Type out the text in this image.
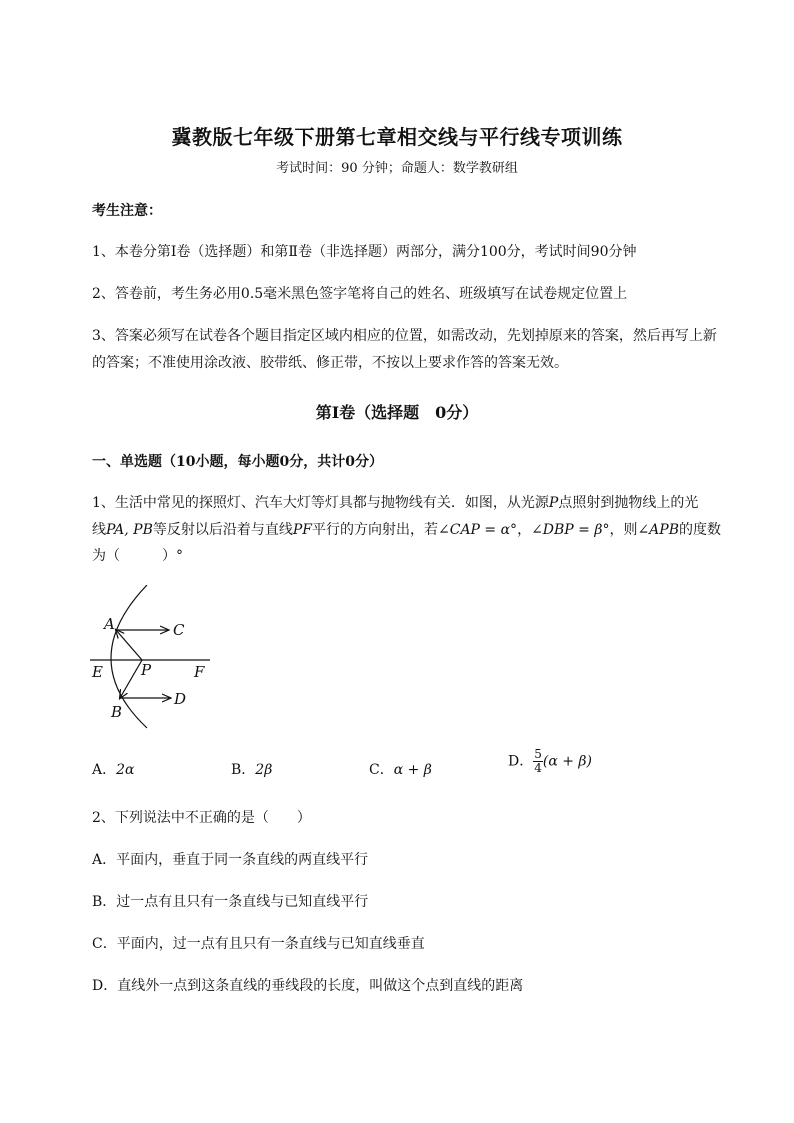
冀教版七年级下册第七章相交线与平行线专项训练
考试时间：90 分钟；命题人：数学教研组
考生注意：
1、本卷分第I卷（选择题）和第Ⅱ卷（非选择题）两部分，满分100分，考试时间90分钟
2、答卷前，考生务必用0.5毫米黑色签字笔将自己的姓名、班级填写在试卷规定位置上
3、答案必须写在试卷各个题目指定区域内相应的位置，如需改动，先划掉原来的答案，然后再写上新
的答案；不准使用涂改液、胶带纸、修正带，不按以上要求作答的答案无效。
第I卷（选择题　0分）
一、单选题（10小题，每小题0分，共计0分）
1、生活中常见的探照灯、汽车大灯等灯具都与抛物线有关．如图，从光源P点照射到抛物线上的光
线PA, PB等反射以后沿着与直线PF平行的方向射出，若∠CAP = α°，∠DBP = β°，则∠APB的度数
为（　　　）°
A	C
E	P	F
D
B
A．2α	B．2β	C．α + β
D． $\frac{5}{4} (\alpha + \beta)$
2、下列说法中不正确的是（　　）
A．平面内，垂直于同一条直线的两直线平行
B．过一点有且只有一条直线与已知直线平行
C．平面内，过一点有且只有一条直线与已知直线垂直
D．直线外一点到这条直线的垂线段的长度，叫做这个点到直线的距离
